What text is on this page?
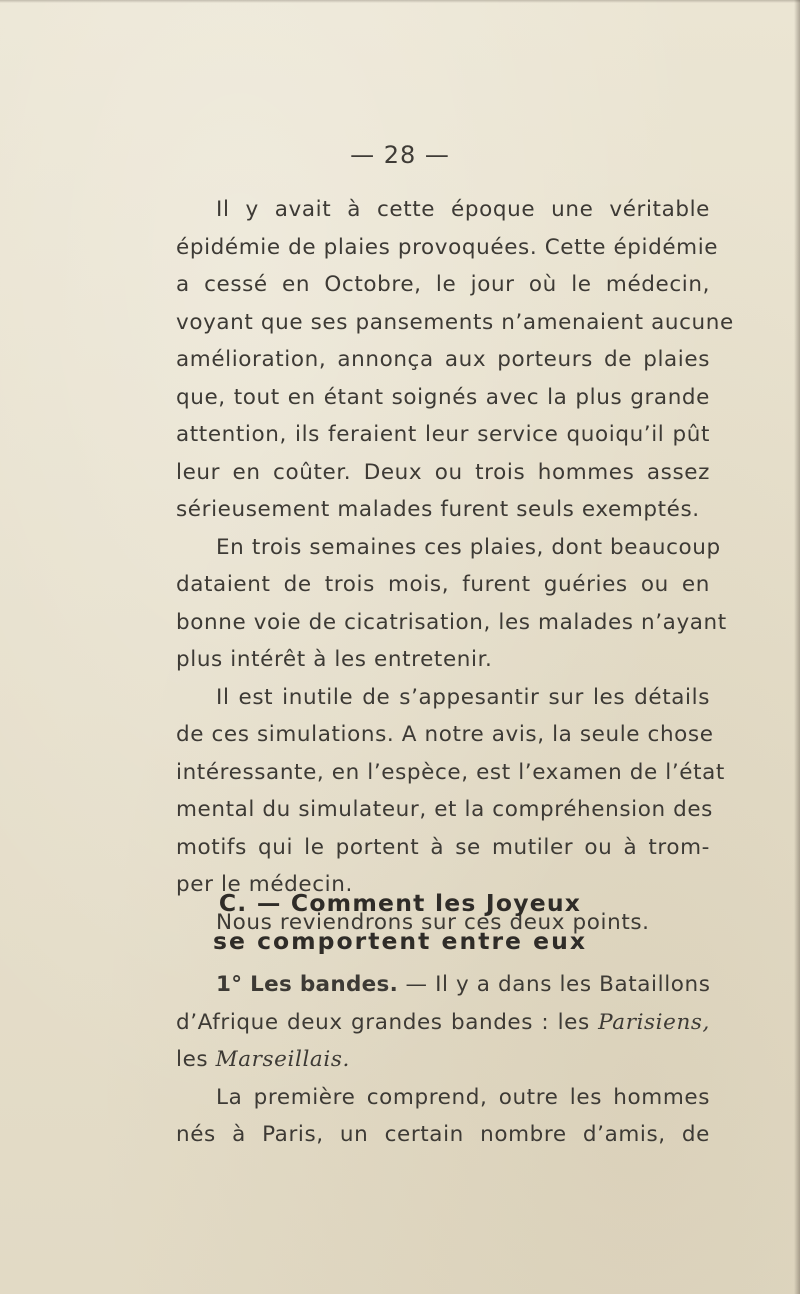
— 28 —
Il y avait à cette époque une véritable
épidémie de plaies provoquées. Cette épidémie
a cessé en Octobre, le jour où le médecin,
voyant que ses pansements n’amenaient aucune
amélioration, annonça aux porteurs de plaies
que, tout en étant soignés avec la plus grande
attention, ils feraient leur service quoiqu’il pût
leur en coûter. Deux ou trois hommes assez
sérieusement malades furent seuls exemptés.
En trois semaines ces plaies, dont beaucoup
dataient de trois mois, furent guéries ou en
bonne voie de cicatrisation, les malades n’ayant
plus intérêt à les entretenir.
Il est inutile de s’appesantir sur les détails
de ces simulations. A notre avis, la seule chose
intéressante, en l’espèce, est l’examen de l’état
mental du simulateur, et la compréhension des
motifs qui le portent à se mutiler ou à trom-
per le médecin.
Nous reviendrons sur ces deux points.
C. — Comment les Joyeux
se comportent entre eux
1° Les bandes. — Il y a dans les Bataillons
d’Afrique deux grandes bandes : les Parisiens,
les Marseillais.
La première comprend, outre les hommes
nés à Paris, un certain nombre d’amis, de
